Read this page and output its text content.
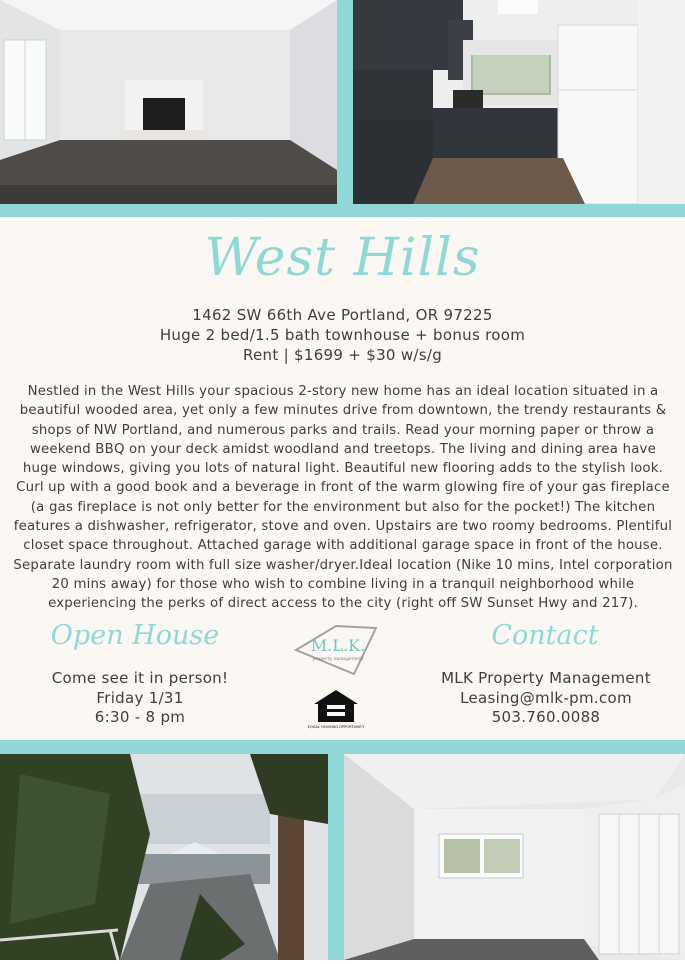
West Hills
1462 SW 66th Ave Portland, OR 97225
Huge 2 bed/1.5 bath townhouse + bonus room
Rent | $1699 + $30 w/s/g
Nestled in the West Hills your spacious 2-story new home has an ideal location situated in a beautiful wooded area, yet only a few minutes drive from downtown, the trendy restaurants & shops of NW Portland, and numerous parks and trails. Read your morning paper or throw a weekend BBQ on your deck amidst woodland and treetops. The living and dining area have huge windows, giving you lots of natural light. Beautiful new flooring adds to the stylish look. Curl up with a good book and a beverage in front of the warm glowing fire of your gas fireplace (a gas fireplace is not only better for the environment but also for the pocket!) The kitchen features a dishwasher, refrigerator, stove and oven. Upstairs are two roomy bedrooms. Plentiful closet space throughout. Attached garage with additional garage space in front of the house. Separate laundry room with full size washer/dryer.Ideal location (Nike 10 mins, Intel corporation 20 mins away) for those who wish to combine living in a tranquil neighborhood while experiencing the perks of direct access to the city (right off SW Sunset Hwy and 217).
Open House
Come see it in person!
Friday 1/31
6:30 - 8 pm
M.L.K.
property management
EQUAL HOUSING OPPORTUNITY
Contact
MLK Property Management
Leasing@mlk-pm.com
503.760.0088
